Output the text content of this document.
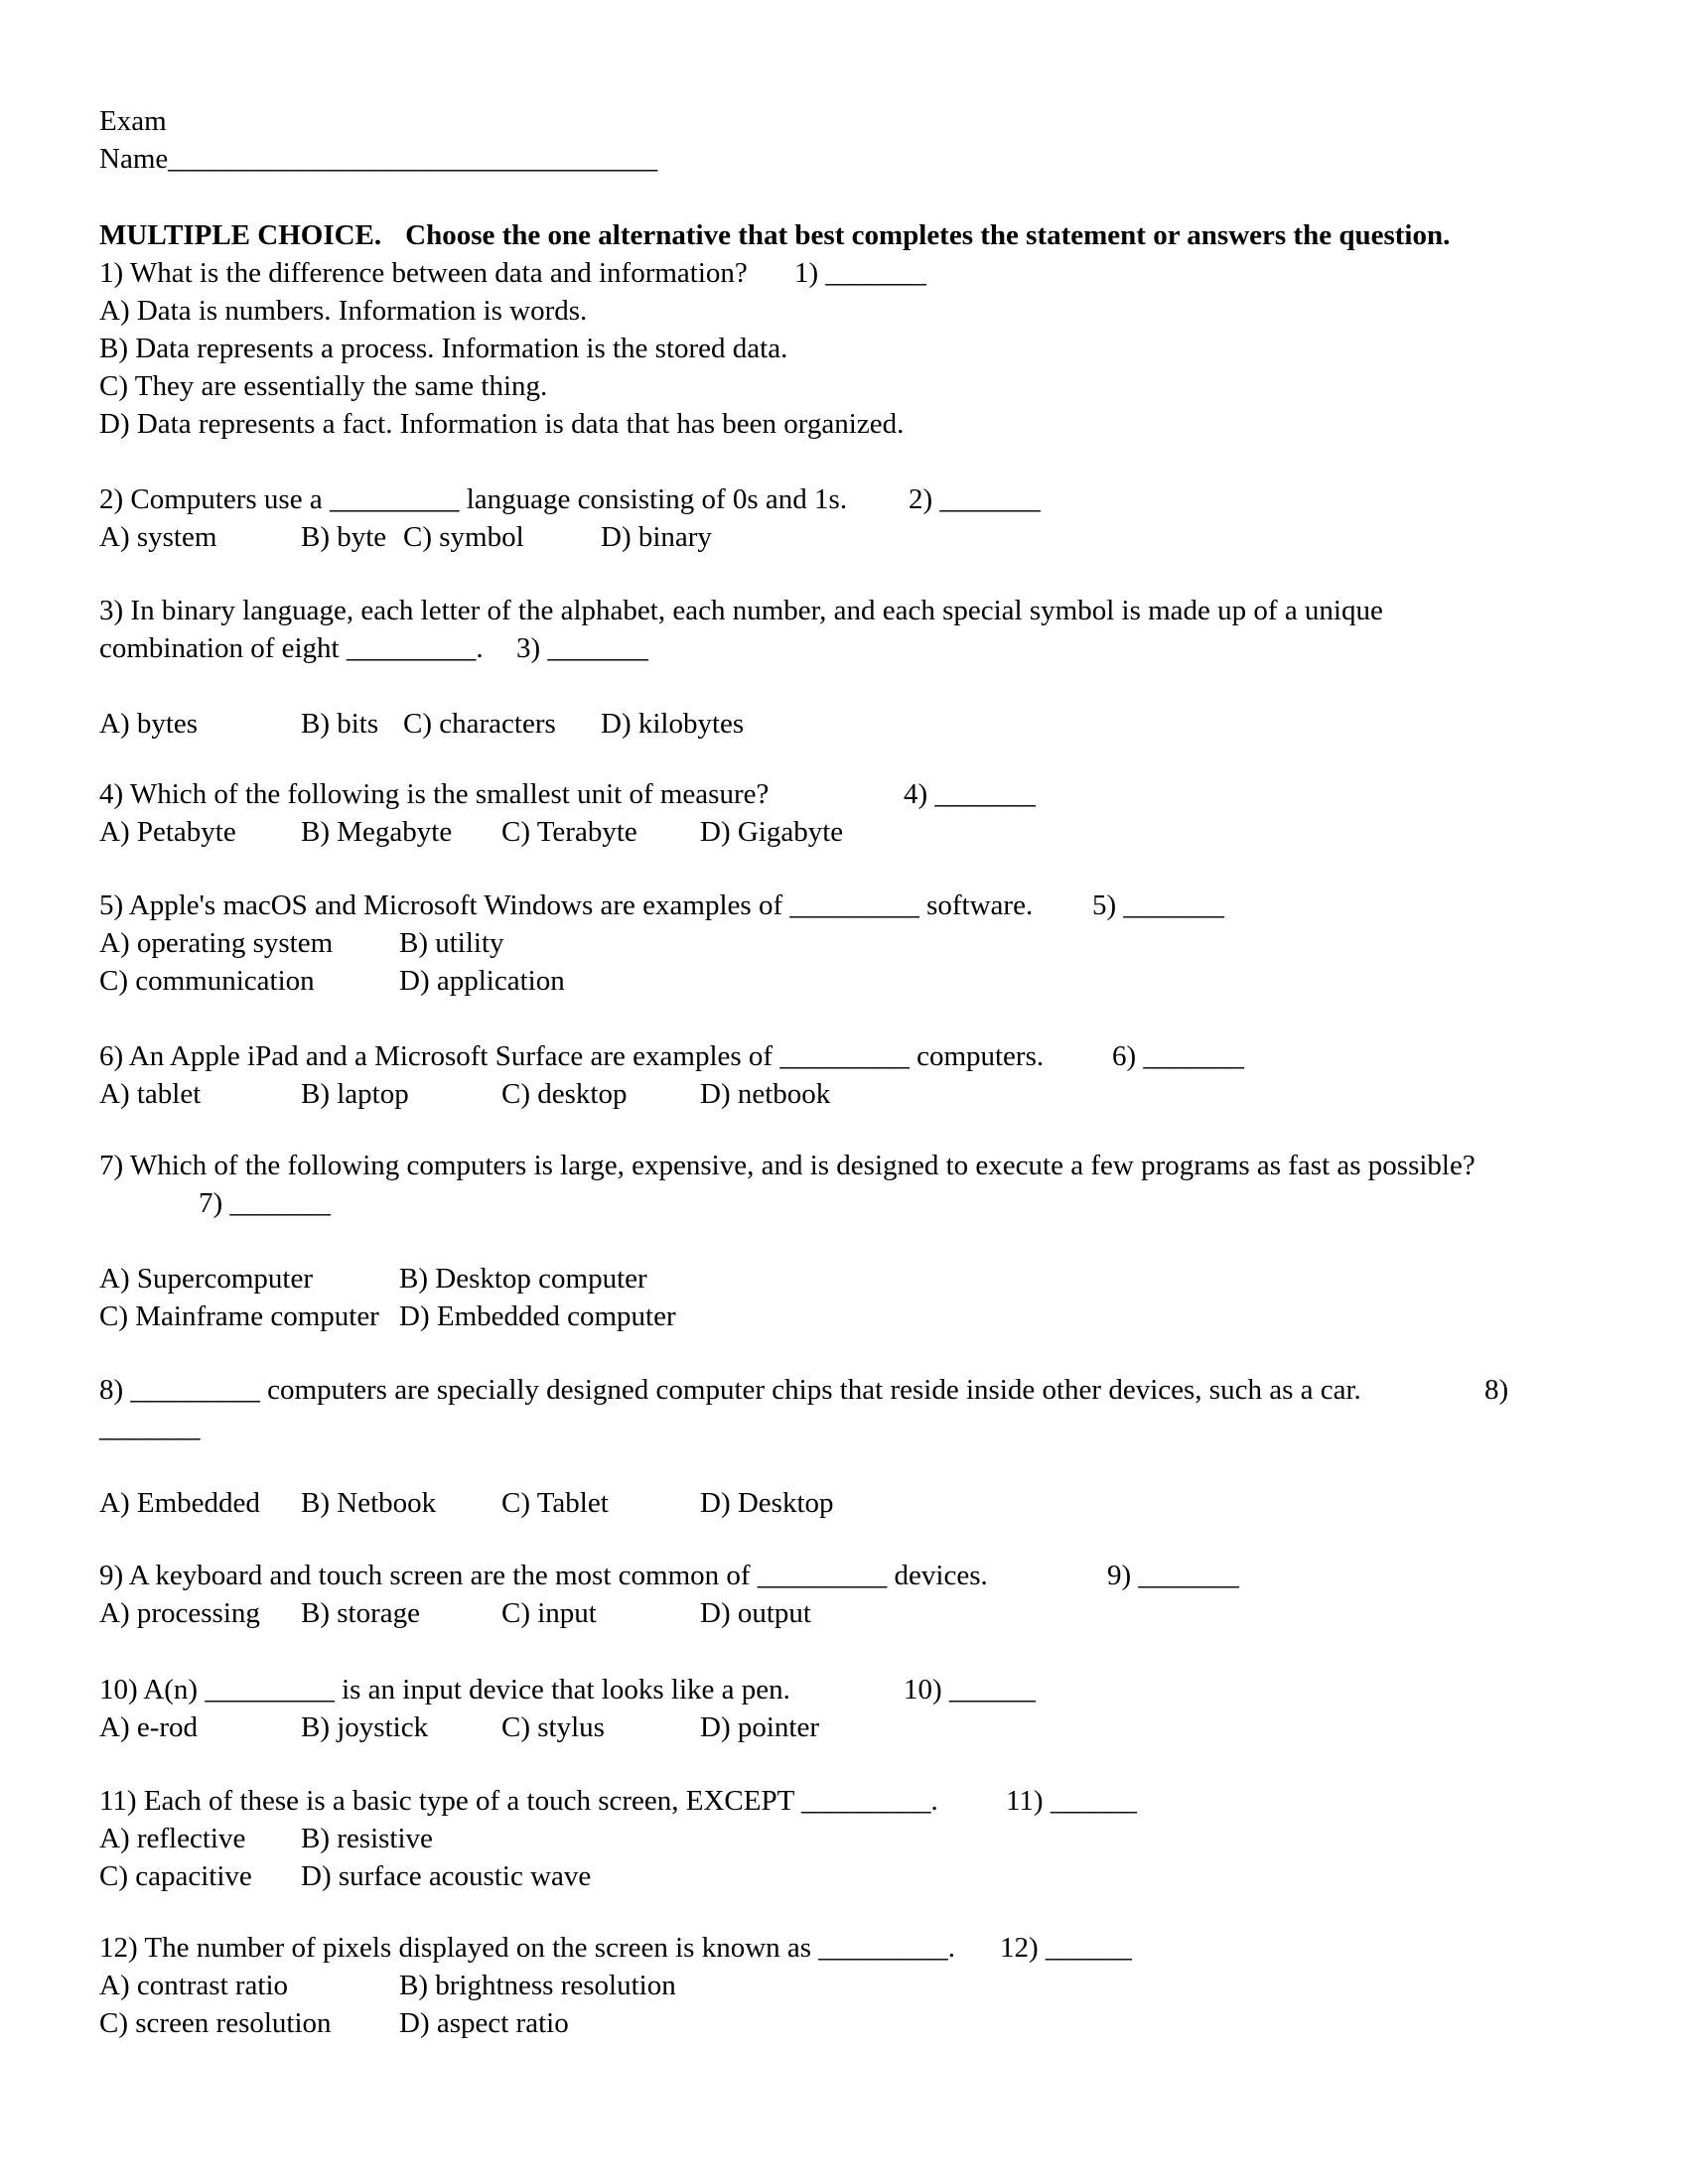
Exam
Name__________________________________
MULTIPLE CHOICE. Choose the one alternative that best completes the statement or answers the question.
1) What is the difference between data and information? 1) _______
A) Data is numbers. Information is words.
B) Data represents a process. Information is the stored data.
C) They are essentially the same thing.
D) Data represents a fact. Information is data that has been organized.
2) Computers use a _________ language consisting of 0s and 1s. 2) _______
A) system	B) byte C) symbol	D) binary
3) In binary language, each letter of the alphabet, each number, and each special symbol is made up of a unique
combination of eight _________. 3) _______
A) bytes	B) bits C) characters D) kilobytes
4) Which of the following is the smallest unit of measure?	4) _______
A) Petabyte B) Megabyte C) Terabyte D) Gigabyte
5) Apple's macOS and Microsoft Windows are examples of _________ software. 5) _______
A) operating system B) utility
C) communication	D) application
6) An Apple iPad and a Microsoft Surface are examples of _________ computers. 6) _______
A) tablet	B) laptop	C) desktop	D) netbook
7) Which of the following computers is large, expensive, and is designed to execute a few programs as fast as possible?
7) _______
A) Supercomputer	B) Desktop computer
C) Mainframe computer D) Embedded computer
8) _________ computers are specially designed computer chips that reside inside other devices, such as a car.	8)
_______
A) Embedded B) Netbook C) Tablet	D) Desktop
9) A keyboard and touch screen are the most common of _________ devices.	9) _______
A) processing B) storage	C) input	D) output
10) A(n) _________ is an input device that looks like a pen.	10) ______
A) e-rod	B) joystick	C) stylus	D) pointer
11) Each of these is a basic type of a touch screen, EXCEPT _________. 11) ______
A) reflective B) resistive
C) capacitive D) surface acoustic wave
12) The number of pixels displayed on the screen is known as _________. 12) ______
A) contrast ratio	B) brightness resolution
C) screen resolution D) aspect ratio
